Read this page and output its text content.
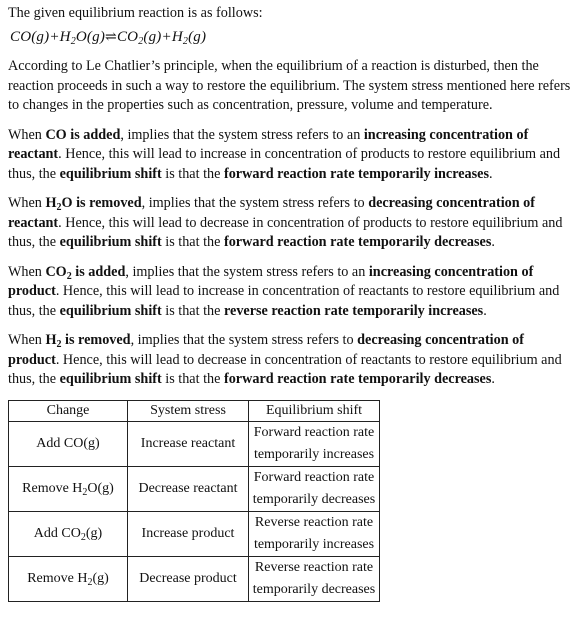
The given equilibrium reaction is as follows:

$CO(g)+H_2O(g)\rightleftharpoons CO_2(g)+H_2(g)$

According to Le Chatlier’s principle, when the equilibrium of a reaction is disturbed, then the reaction proceeds in such a way to restore the equilibrium. The system stress mentioned here refers to changes in the properties such as concentration, pressure, volume and temperature.

When CO is added, implies that the system stress refers to an increasing concentration of reactant. Hence, this will lead to increase in concentration of products to restore equilibrium and thus, the equilibrium shift is that the forward reaction rate temporarily increases.

When $H_2O$ is removed, implies that the system stress refers to decreasing concentration of reactant. Hence, this will lead to decrease in concentration of products to restore equilibrium and thus, the equilibrium shift is that the forward reaction rate temporarily decreases.

When $CO_2$ is added, implies that the system stress refers to an increasing concentration of product. Hence, this will lead to increase in concentration of reactants to restore equilibrium and thus, the equilibrium shift is that the reverse reaction rate temporarily increases.

When $H_2$ is removed, implies that the system stress refers to decreasing concentration of product. Hence, this will lead to decrease in concentration of reactants to restore equilibrium and thus, the equilibrium shift is that the forward reaction rate temporarily decreases.

Change	System stress	Equilibrium shift
Add CO(g)	Increase reactant	Forward reaction rate
temporarily increases

Remove $H_2O(g)$	Decrease reactant	Forward reaction rate
temporarily decreases

Add $CO_2(g)$	Increase product	Reverse reaction rate
temporarily increases

Remove $H_2(g)$	Decrease product	Reverse reaction rate
temporarily decreases
